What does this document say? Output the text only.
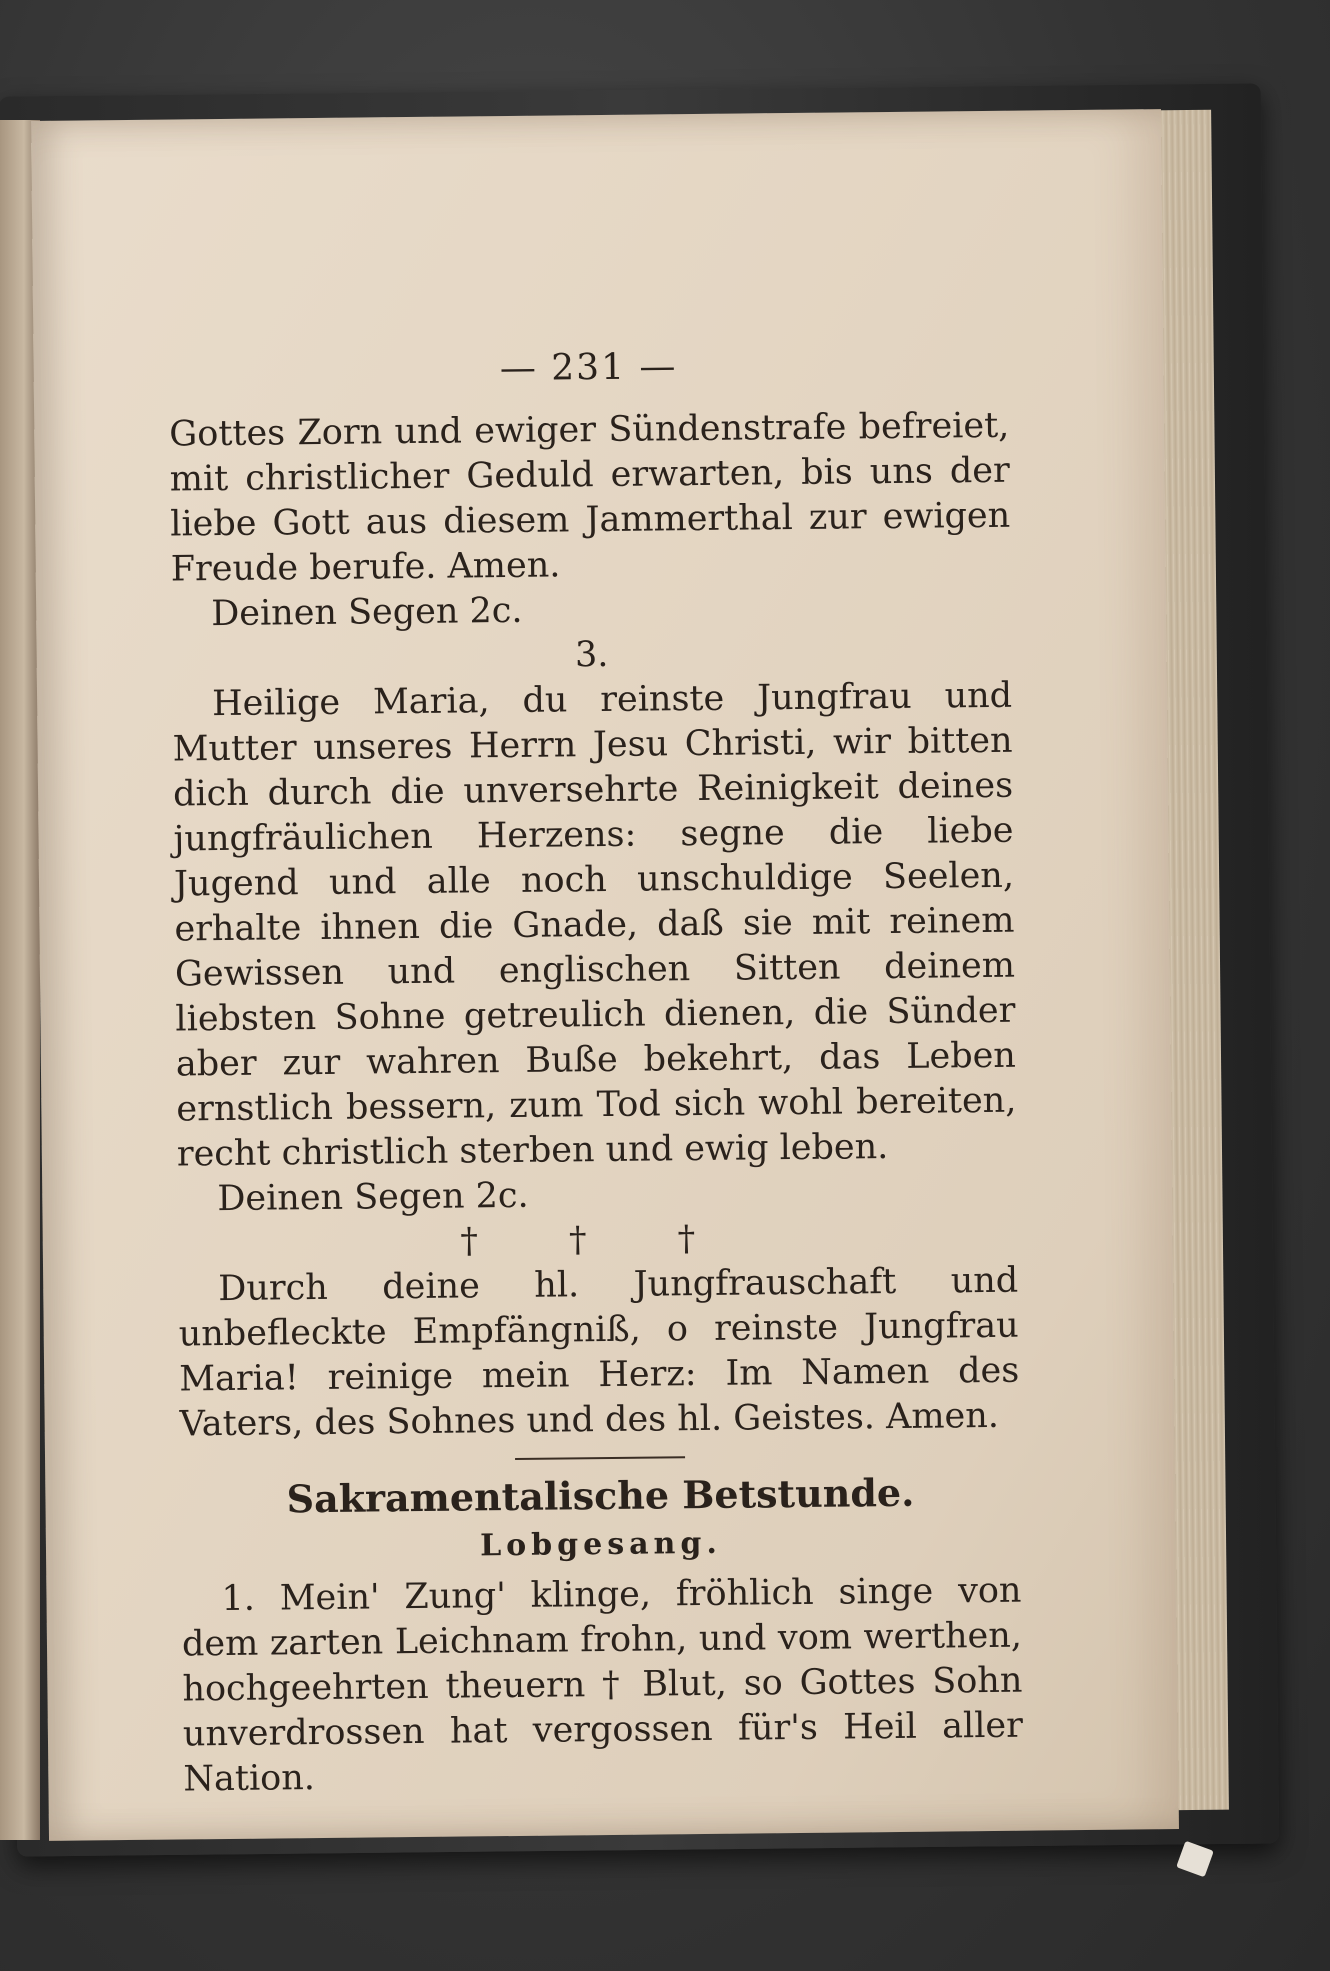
— 231 —

Gottes Zorn und ewiger Sündenstrafe befreiet, mit christlicher Geduld erwarten, bis uns der liebe Gott aus diesem Jammerthal zur ewigen Freude berufe. Amen.

Deinen Segen 2c.

3.

Heilige Maria, du reinste Jungfrau und Mutter unseres Herrn Jesu Christi, wir bitten dich durch die unversehrte Reinigkeit deines jungfräulichen Herzens: segne die liebe Jugend und alle noch unschuldige Seelen, erhalte ihnen die Gnade, daß sie mit reinem Gewissen und englischen Sitten deinem liebsten Sohne getreulich dienen, die Sünder aber zur wahren Buße bekehrt, das Leben ernstlich bessern, zum Tod sich wohl bereiten, recht christlich sterben und ewig leben.

Deinen Segen 2c.

† † †

Durch deine hl. Jungfrauschaft und unbefleckte Empfängniß, o reinste Jungfrau Maria! reinige mein Herz: Im Namen des Vaters, des Sohnes und des hl. Geistes. Amen.

Sakramentalische Betstunde.
Lobgesang.

1. Mein' Zung' klinge, fröhlich singe von dem zarten Leichnam frohn, und vom werthen, hochgeehrten theuern † Blut, so Gottes Sohn unverdrossen hat vergossen für's Heil aller Nation.
